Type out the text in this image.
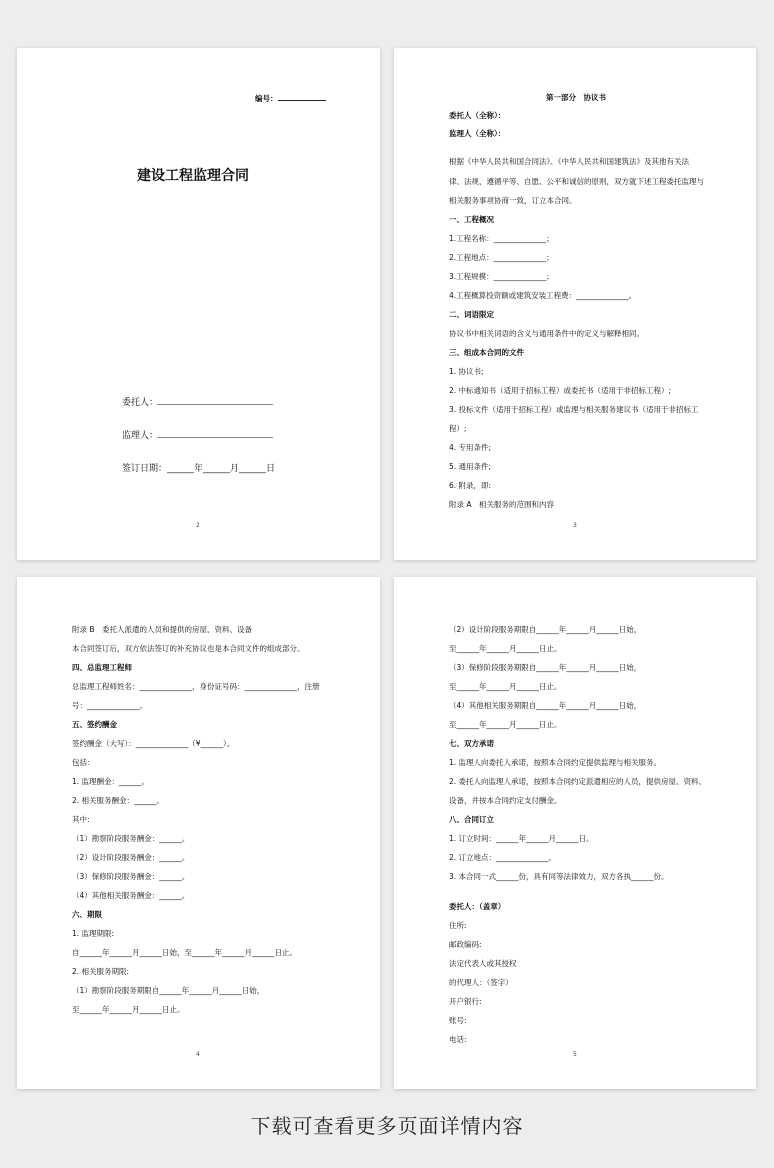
编号：
建设工程监理合同
委托人：
监理人：
签订日期：______年______月______日
2
第一部分　协议书
委托人（全称）：
监理人（全称）：
根据《中华人民共和国合同法》、《中华人民共和国建筑法》及其他有关法
律、法规，遵循平等、自愿、公平和诚信的原则，双方就下述工程委托监理与
相关服务事项协商一致，订立本合同。
一、工程概况
1.工程名称：______________；
2.工程地点：______________；
3.工程规模：______________；
4.工程概算投资额或建筑安装工程费：______________。
二、词语限定
协议书中相关词语的含义与通用条件中的定义与解释相同。
三、组成本合同的文件
1. 协议书;
2. 中标通知书（适用于招标工程）或委托书（适用于非招标工程）;
3. 投标文件（适用于招标工程）或监理与相关服务建议书（适用于非招标工
程）;
4. 专用条件;
5. 通用条件;
6. 附录，即:
附录 A　相关服务的范围和内容
3
附录 B　委托人派遣的人员和提供的房屋、资料、设备
本合同签订后，双方依法签订的补充协议也是本合同文件的组成部分。
四、总监理工程师
总监理工程师姓名：______________，身份证号码：______________，注册
号：______________。
五、签约酬金
签约酬金（大写）：______________（¥______）。
包括：
1. 监理酬金：______。
2. 相关服务酬金：______。
其中:
（1）勘察阶段服务酬金：______。
（2）设计阶段服务酬金：______。
（3）保修阶段服务酬金：______。
（4）其他相关服务酬金：______。
六、期限
1. 监理期限:
自______年______月______日始，至______年______月______日止。
2. 相关服务期限:
（1）勘察阶段服务期限自______年______月______日始，
至______年______月______日止。
4
（2）设计阶段服务期限自______年______月______日始，
至______年______月______日止。
（3）保修阶段服务期限自______年______月______日始，
至______年______月______日止。
（4）其他相关服务期限自______年______月______日始，
至______年______月______日止。
七、双方承诺
1. 监理人向委托人承诺，按照本合同约定提供监理与相关服务。
2. 委托人向监理人承诺，按照本合同约定派遣相应的人员，提供房屋、资料、
设备，并按本合同约定支付酬金。
八、合同订立
1. 订立时间：______年______月______日。
2. 订立地点：______________。
3. 本合同一式______份，具有同等法律效力，双方各执______份。
委托人：（盖章）
住所:
邮政编码:
法定代表人或其授权
的代理人：（签字）
开户银行:
账号:
电话:
5
下载可查看更多页面详情内容
